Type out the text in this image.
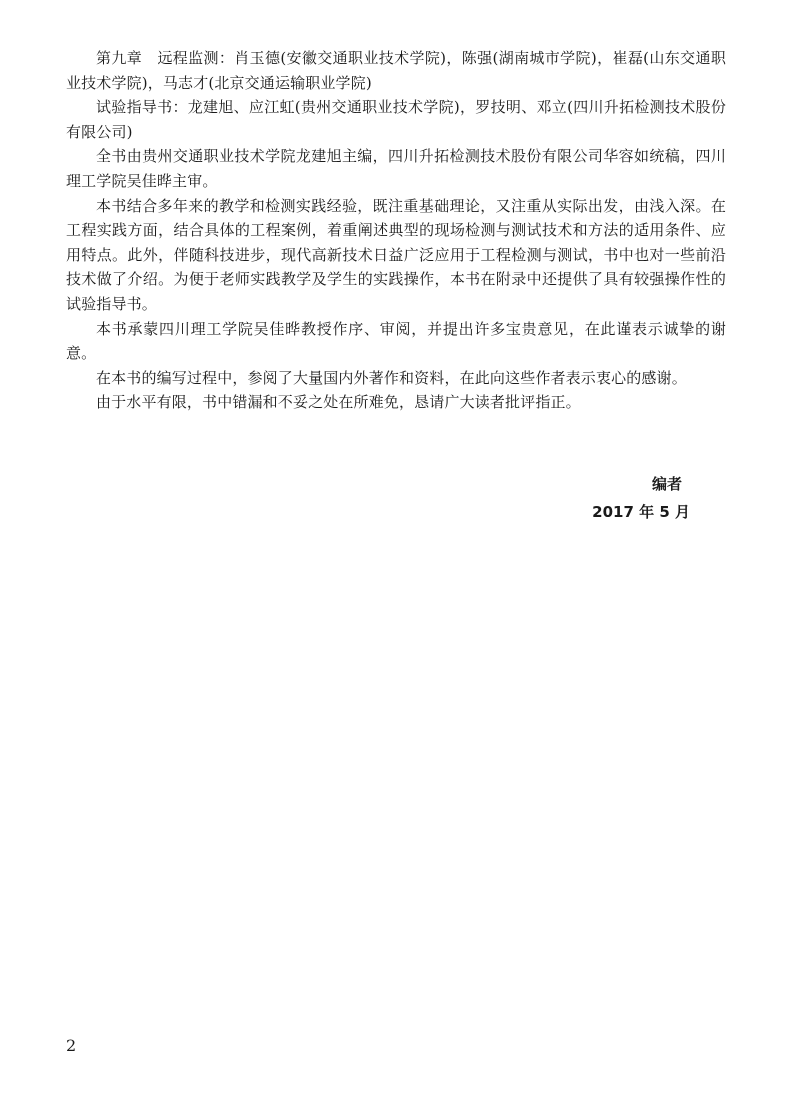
第九章　远程监测：肖玉德(安徽交通职业技术学院)，陈强(湖南城市学院)，崔磊(山东交通职业技术学院)，马志才(北京交通运输职业学院)

试验指导书：龙建旭、应江虹(贵州交通职业技术学院)，罗技明、邓立(四川升拓检测技术股份有限公司)

全书由贵州交通职业技术学院龙建旭主编，四川升拓检测技术股份有限公司华容如统稿，四川理工学院吴佳晔主审。

本书结合多年来的教学和检测实践经验，既注重基础理论，又注重从实际出发，由浅入深。在工程实践方面，结合具体的工程案例，着重阐述典型的现场检测与测试技术和方法的适用条件、应用特点。此外，伴随科技进步，现代高新技术日益广泛应用于工程检测与测试，书中也对一些前沿技术做了介绍。为便于老师实践教学及学生的实践操作，本书在附录中还提供了具有较强操作性的试验指导书。

本书承蒙四川理工学院吴佳晔教授作序、审阅，并提出许多宝贵意见，在此谨表示诚挚的谢意。

在本书的编写过程中，参阅了大量国内外著作和资料，在此向这些作者表示衷心的感谢。

由于水平有限，书中错漏和不妥之处在所难免，恳请广大读者批评指正。

编者
2017 年 5 月
2
